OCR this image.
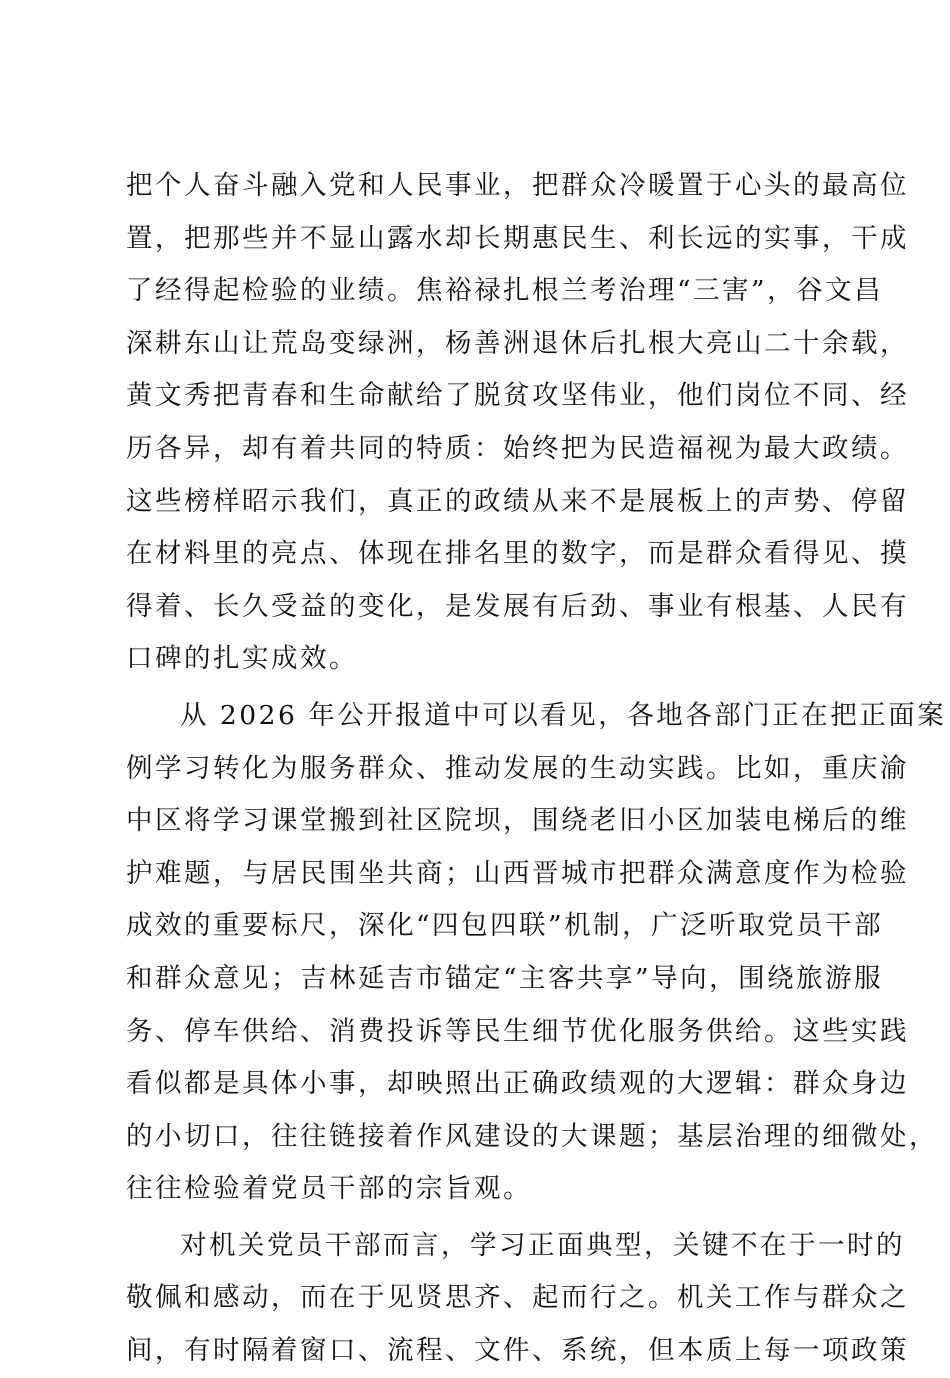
把个人奋斗融入党和人民事业，把群众冷暖置于心头的最高位
置，把那些并不显山露水却长期惠民生、利长远的实事，干成
了经得起检验的业绩。焦裕禄扎根兰考治理“三害”，谷文昌
深耕东山让荒岛变绿洲，杨善洲退休后扎根大亮山二十余载，
黄文秀把青春和生命献给了脱贫攻坚伟业，他们岗位不同、经
历各异，却有着共同的特质：始终把为民造福视为最大政绩。
这些榜样昭示我们，真正的政绩从来不是展板上的声势、停留
在材料里的亮点、体现在排名里的数字，而是群众看得见、摸
得着、长久受益的变化，是发展有后劲、事业有根基、人民有
口碑的扎实成效。
从 2026 年公开报道中可以看见，各地各部门正在把正面案
例学习转化为服务群众、推动发展的生动实践。比如，重庆渝
中区将学习课堂搬到社区院坝，围绕老旧小区加装电梯后的维
护难题，与居民围坐共商；山西晋城市把群众满意度作为检验
成效的重要标尺，深化“四包四联”机制，广泛听取党员干部
和群众意见；吉林延吉市锚定“主客共享”导向，围绕旅游服
务、停车供给、消费投诉等民生细节优化服务供给。这些实践
看似都是具体小事，却映照出正确政绩观的大逻辑：群众身边
的小切口，往往链接着作风建设的大课题；基层治理的细微处，
往往检验着党员干部的宗旨观。
对机关党员干部而言，学习正面典型，关键不在于一时的
敬佩和感动，而在于见贤思齐、起而行之。机关工作与群众之
间，有时隔着窗口、流程、文件、系统，但本质上每一项政策
